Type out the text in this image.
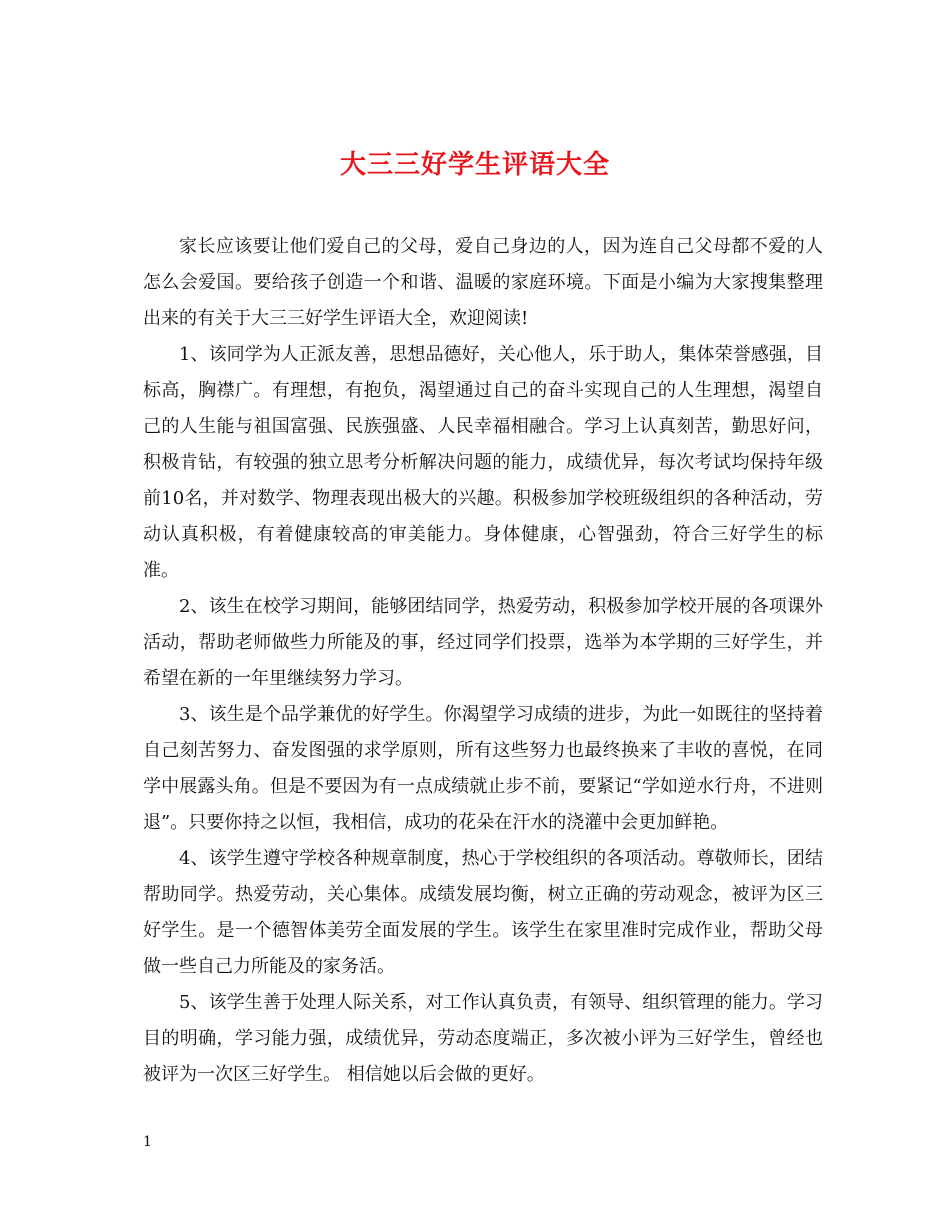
大三三好学生评语大全

家长应该要让他们爱自己的父母，爱自己身边的人，因为连自己父母都不爱的人怎么会爱国。要给孩子创造一个和谐、温暖的家庭环境。下面是小编为大家搜集整理出来的有关于大三三好学生评语大全，欢迎阅读!

1、该同学为人正派友善，思想品德好，关心他人，乐于助人，集体荣誉感强，目标高，胸襟广。有理想，有抱负，渴望通过自己的奋斗实现自己的人生理想，渴望自己的人生能与祖国富强、民族强盛、人民幸福相融合。学习上认真刻苦，勤思好问，积极肯钻，有较强的独立思考分析解决问题的能力，成绩优异，每次考试均保持年级前10名，并对数学、物理表现出极大的兴趣。积极参加学校班级组织的各种活动，劳动认真积极，有着健康较高的审美能力。身体健康，心智强劲，符合三好学生的标准。

2、该生在校学习期间，能够团结同学，热爱劳动，积极参加学校开展的各项课外活动，帮助老师做些力所能及的事，经过同学们投票，选举为本学期的三好学生，并希望在新的一年里继续努力学习。

3、该生是个品学兼优的好学生。你渴望学习成绩的进步，为此一如既往的坚持着自己刻苦努力、奋发图强的求学原则，所有这些努力也最终换来了丰收的喜悦，在同学中展露头角。但是不要因为有一点成绩就止步不前，要紧记“学如逆水行舟，不进则退”。只要你持之以恒，我相信，成功的花朵在汗水的浇灌中会更加鲜艳。

4、该学生遵守学校各种规章制度，热心于学校组织的各项活动。尊敬师长，团结帮助同学。热爱劳动，关心集体。成绩发展均衡，树立正确的劳动观念，被评为区三好学生。是一个德智体美劳全面发展的学生。该学生在家里准时完成作业，帮助父母做一些自己力所能及的家务活。

5、该学生善于处理人际关系，对工作认真负责，有领导、组织管理的能力。学习目的明确，学习能力强，成绩优异，劳动态度端正，多次被小评为三好学生，曾经也被评为一次区三好学生。 相信她以后会做的更好。

1
